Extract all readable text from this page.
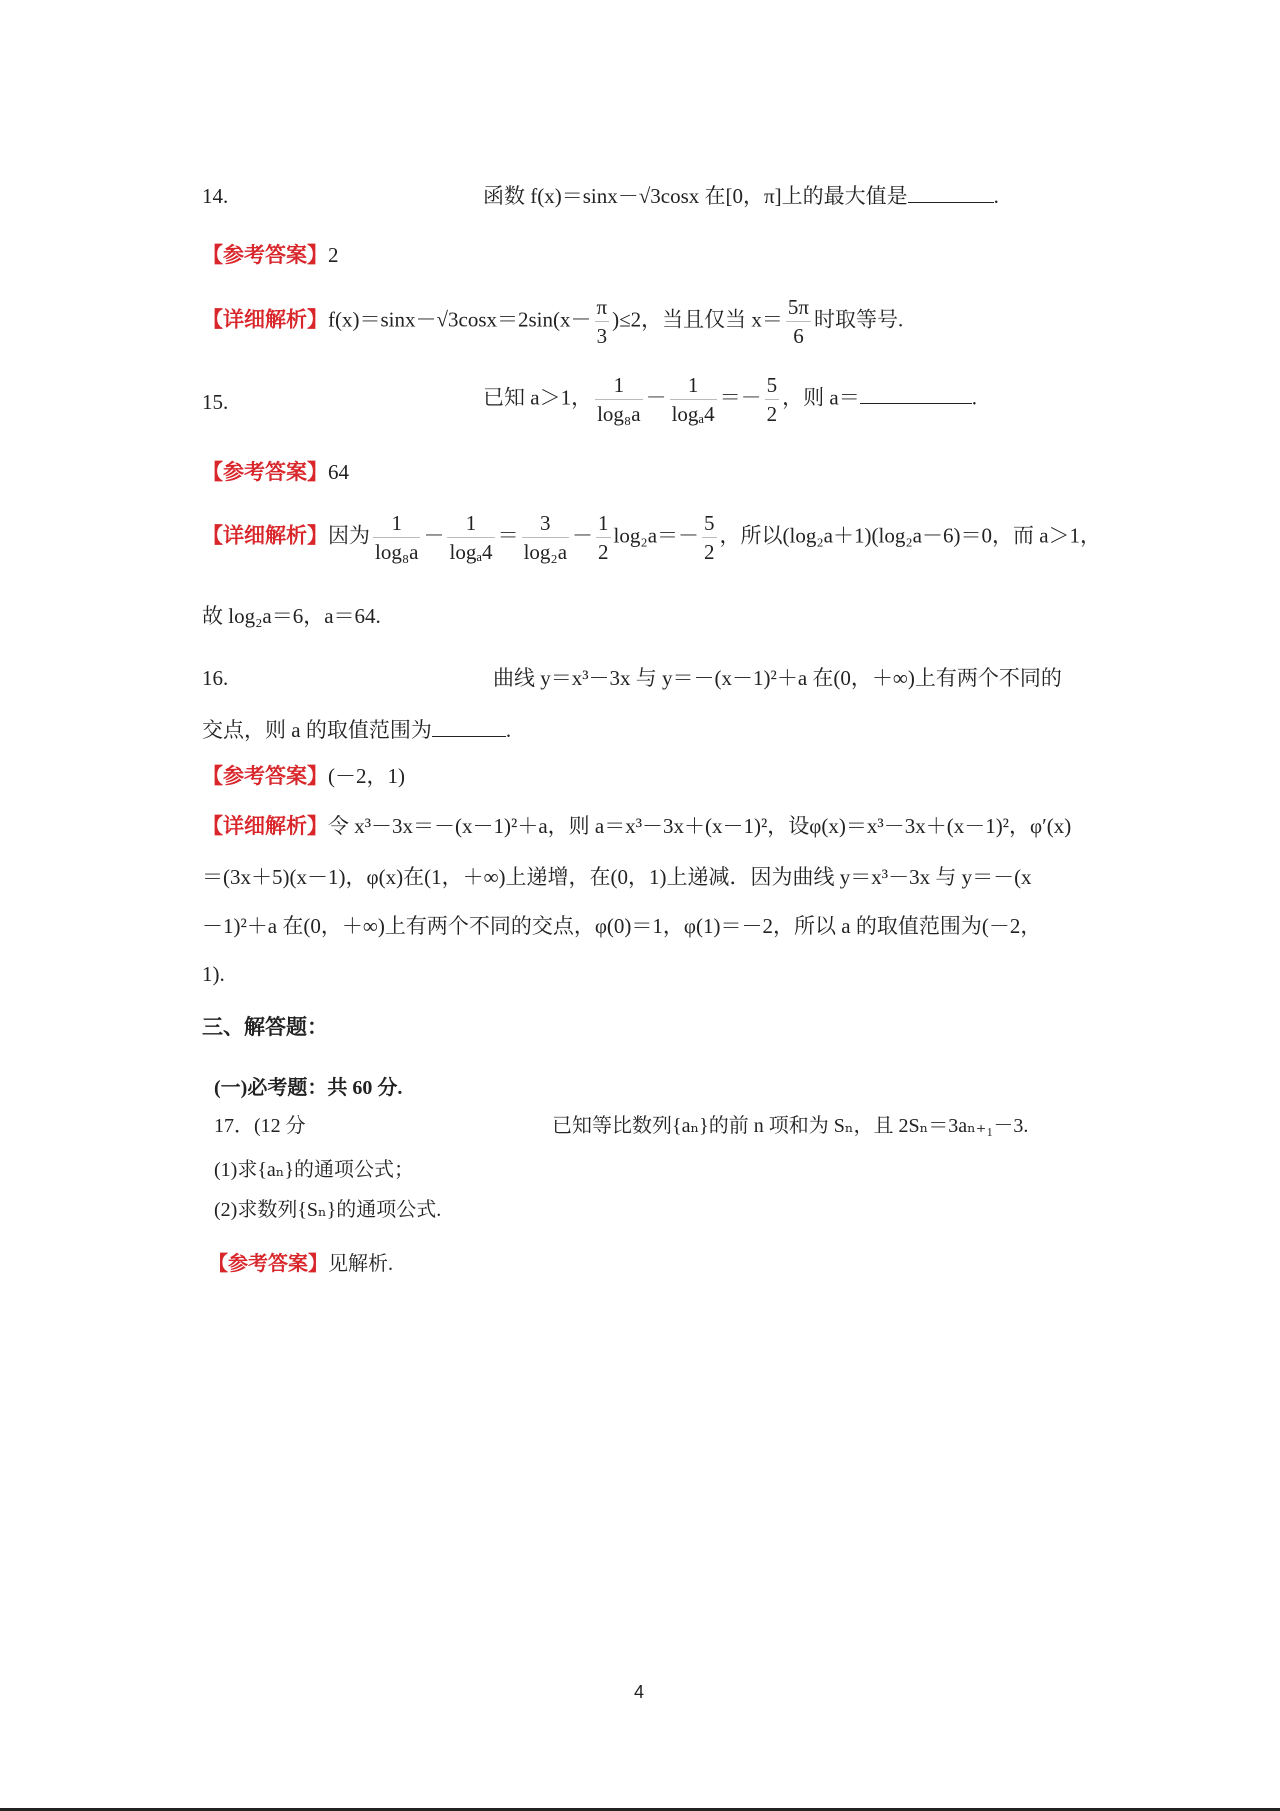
14.	函数 f(x)＝sinx－√3cosx 在[0，π]上的最大值是	.
【参考答案】2
【详细解析】$f(x)=\sin x-√3\cos x=2\sin(x- \frac{\pi}{3} )\le 2$，当且仅当 $x= \frac{5\pi}{6}$ 时取等号.
15.	已知 a＞1， $\frac{1}{\text{log₈a}} - \frac{1}{\text{logₐ4}} =- \frac{5}{2}$ ，则 a＝	.
【参考答案】64
【详细解析】因为 $\frac{1}{\text{log₈a}} - \frac{1}{\text{logₐ4}} = \frac{3}{\text{log₂a}} - \frac{1}{2} \log_2a=- \frac{5}{2}$ ，所以(log₂a＋1)(log₂a－6)＝0，而 a＞1，
故 log₂a＝6，a＝64.
16.	曲线 y＝x³－3x 与 y＝－(x－1)²＋a 在(0，＋∞)上有两个不同的
交点，则 a 的取值范围为	.
【参考答案】(－2，1)
【详细解析】令 x³－3x＝－(x－1)²＋a，则 a＝x³－3x＋(x－1)²，设φ(x)＝x³－3x＋(x－1)²，φ′(x)
＝(3x＋5)(x－1)，φ(x)在(1，＋∞)上递增，在(0，1)上递减．因为曲线 y＝x³－3x 与 y＝－(x
－1)²＋a 在(0，＋∞)上有两个不同的交点，φ(0)＝1，φ(1)＝－2，所以 a 的取值范围为(－2，
1).
三、解答题：
(一)必考题：共 60 分.
17．(12 分	已知等比数列{aₙ}的前 n 项和为 Sₙ，且 2Sₙ＝3aₙ₊₁－3.
(1)求{aₙ}的通项公式；
(2)求数列{Sₙ}的通项公式.
【参考答案】见解析.
4
